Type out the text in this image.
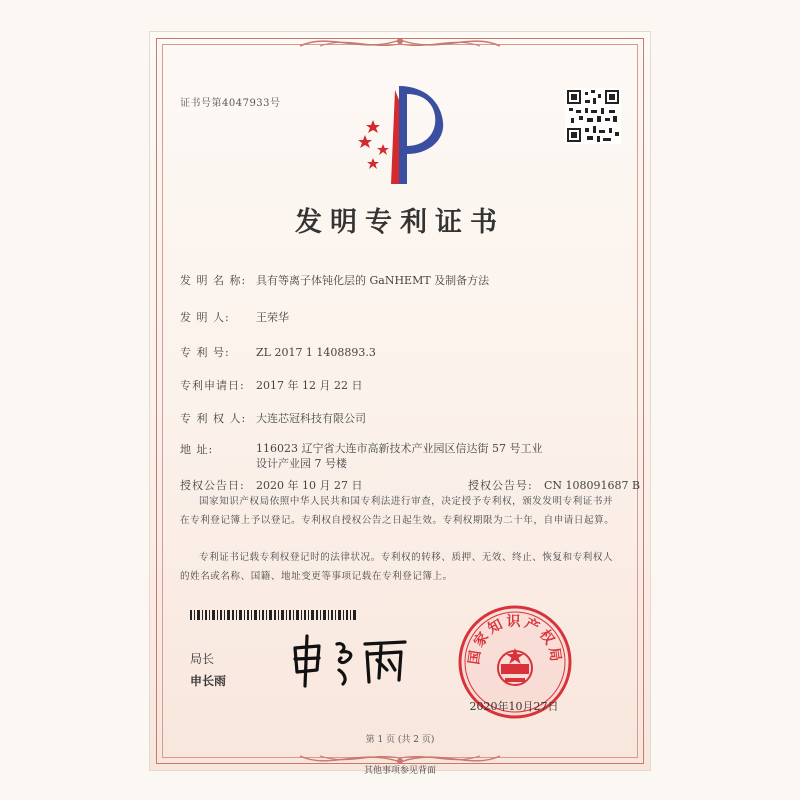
证书号第4047933号
发明专利证书
发 明 名 称: 具有等离子体钝化层的 GaNHEMT 及制备方法
发 明 人: 王荣华
专 利 号: ZL 2017 1 1408893.3
专利申请日: 2017 年 12 月 22 日
专 利 权 人: 大连芯冠科技有限公司
地 址:	116023 辽宁省大连市高新技术产业园区信达街 57 号工业设计产业园 7 号楼
授权公告日: 2020 年 10 月 27 日	授权公告号: CN 108091687 B
国家知识产权局依照中华人民共和国专利法进行审查，决定授予专利权，颁发发明专利证书并在专利登记簿上予以登记。专利权自授权公告之日起生效。专利权期限为二十年，自申请日起算。
专利证书记载专利权登记时的法律状况。专利权的转移、质押、无效、终止、恢复和专利权人的姓名或名称、国籍、地址变更等事项记载在专利登记簿上。
局长
申长雨
国家知识产权局
2020年10月27日
第 1 页 (共 2 页)
其他事项参见背面
